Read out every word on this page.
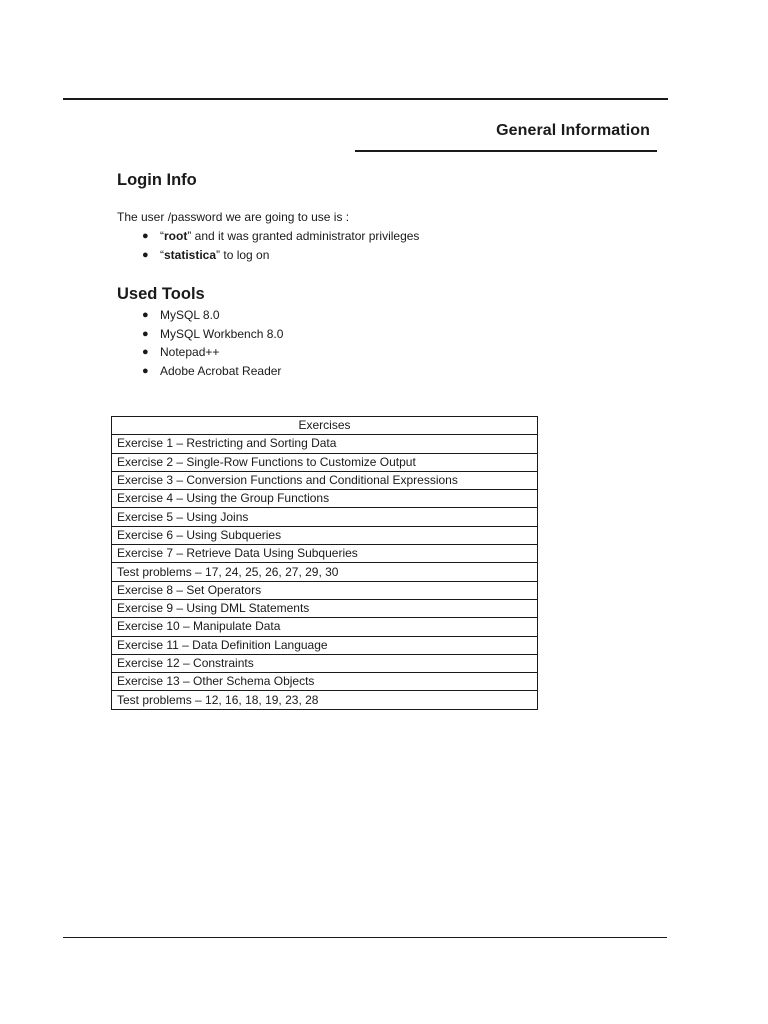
General Information
Login Info
The user /password we are going to use is :
● “root” and it was granted administrator privileges
● “statistica” to log on
Used Tools
● MySQL 8.0
● MySQL Workbench 8.0
● Notepad++
● Adobe Acrobat Reader
Exercises
Exercise 1 – Restricting and Sorting Data
Exercise 2 – Single-Row Functions to Customize Output
Exercise 3 – Conversion Functions and Conditional Expressions
Exercise 4 – Using the Group Functions
Exercise 5 – Using Joins
Exercise 6 – Using Subqueries
Exercise 7 – Retrieve Data Using Subqueries
Test problems – 17, 24, 25, 26, 27, 29, 30
Exercise 8 – Set Operators
Exercise 9 – Using DML Statements
Exercise 10 – Manipulate Data
Exercise 11 – Data Definition Language
Exercise 12 – Constraints
Exercise 13 – Other Schema Objects
Test problems – 12, 16, 18, 19, 23, 28
